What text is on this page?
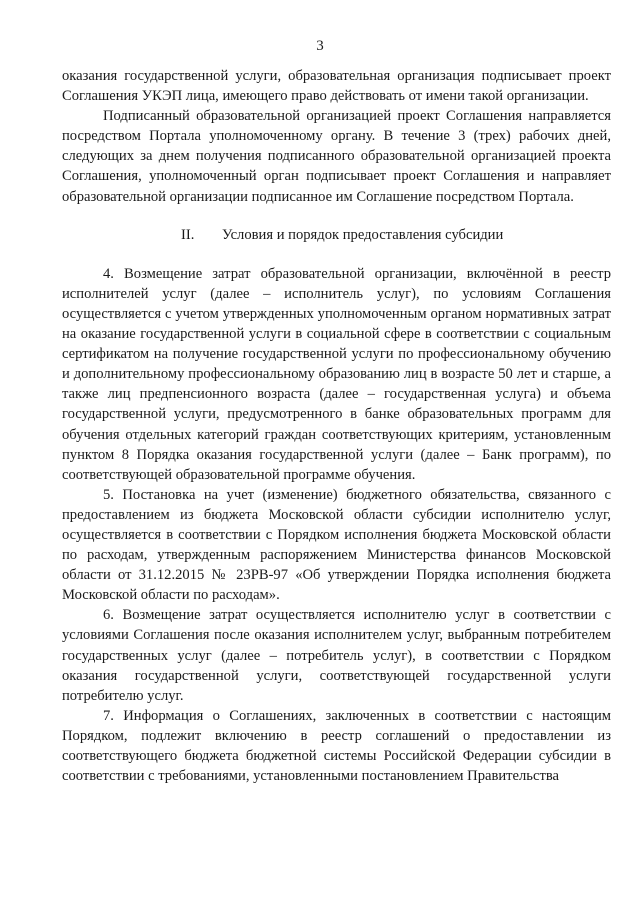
3

оказания государственной услуги, образовательная организация подписывает проект Соглашения УКЭП лица, имеющего право действовать от имени такой организации.

Подписанный образовательной организацией проект Соглашения направляется посредством Портала уполномоченному органу. В течение 3 (трех) рабочих дней, следующих за днем получения подписанного образовательной организацией проекта Соглашения, уполномоченный орган подписывает проект Соглашения и направляет образовательной организации подписанное им Соглашение посредством Портала.

II. Условия и порядок предоставления субсидии

4. Возмещение затрат образовательной организации, включённой в реестр исполнителей услуг (далее – исполнитель услуг), по условиям Соглашения осуществляется с учетом утвержденных уполномоченным органом нормативных затрат на оказание государственной услуги в социальной сфере в соответствии с социальным сертификатом на получение государственной услуги по профессиональному обучению и дополнительному профессиональному образованию лиц в возрасте 50 лет и старше, а также лиц предпенсионного возраста (далее – государственная услуга) и объема государственной услуги, предусмотренного в банке образовательных программ для обучения отдельных категорий граждан соответствующих критериям, установленным пунктом 8 Порядка оказания государственной услуги (далее – Банк программ), по соответствующей образовательной программе обучения.

5. Постановка на учет (изменение) бюджетного обязательства, связанного с предоставлением из бюджета Московской области субсидии исполнителю услуг, осуществляется в соответствии с Порядком исполнения бюджета Московской области по расходам, утвержденным распоряжением Министерства финансов Московской области от 31.12.2015 № 23РВ-97 «Об утверждении Порядка исполнения бюджета Московской области по расходам».

6. Возмещение затрат осуществляется исполнителю услуг в соответствии с условиями Соглашения после оказания исполнителем услуг, выбранным потребителем государственных услуг (далее – потребитель услуг), в соответствии с Порядком оказания государственной услуги, соответствующей государственной услуги потребителю услуг.

7. Информация о Соглашениях, заключенных в соответствии с настоящим Порядком, подлежит включению в реестр соглашений о предоставлении из соответствующего бюджета бюджетной системы Российской Федерации субсидии в соответствии с требованиями, установленными постановлением Правительства
